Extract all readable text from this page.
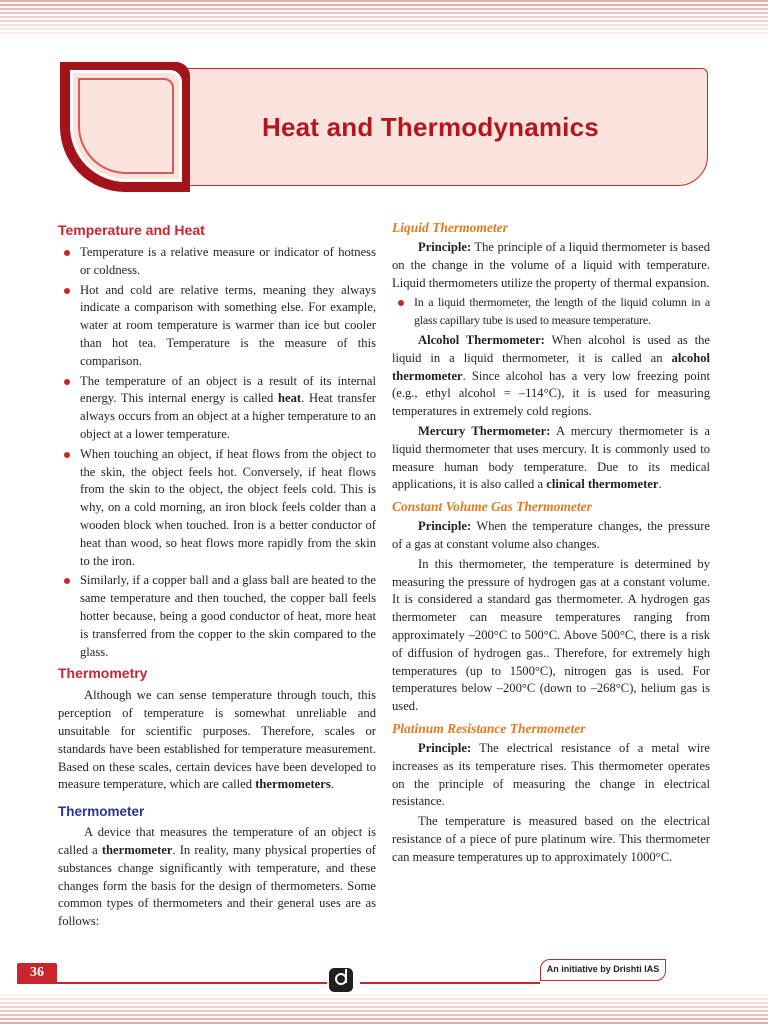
Heat and Thermodynamics
Temperature and Heat
Temperature is a relative measure or indicator of hotness or coldness.
Hot and cold are relative terms, meaning they always indicate a comparison with something else. For example, water at room temperature is warmer than ice but cooler than hot tea. Temperature is the measure of this comparison.
The temperature of an object is a result of its internal energy. This internal energy is called heat. Heat transfer always occurs from an object at a higher temperature to an object at a lower temperature.
When touching an object, if heat flows from the object to the skin, the object feels hot. Conversely, if heat flows from the skin to the object, the object feels cold. This is why, on a cold morning, an iron block feels colder than a wooden block when touched. Iron is a better conductor of heat than wood, so heat flows more rapidly from the skin to the iron.
Similarly, if a copper ball and a glass ball are heated to the same temperature and then touched, the copper ball feels hotter because, being a good conductor of heat, more heat is transferred from the copper to the skin compared to the glass.
Thermometry

Although we can sense temperature through touch, this perception of temperature is somewhat unreliable and unsuitable for scientific purposes. Therefore, scales or standards have been established for temperature measurement. Based on these scales, certain devices have been developed to measure temperature, which are called thermometers.

Thermometer

A device that measures the temperature of an object is called a thermometer. In reality, many physical properties of substances change significantly with temperature, and these changes form the basis for the design of thermometers. Some common types of thermometers and their general uses are as follows:

Liquid Thermometer

Principle: The principle of a liquid thermometer is based on the change in the volume of a liquid with temperature. Liquid thermometers utilize the property of thermal expansion.

In a liquid thermometer, the length of the liquid column in a glass capillary tube is used to measure temperature.

Alcohol Thermometer: When alcohol is used as the liquid in a liquid thermometer, it is called an alcohol thermometer. Since alcohol has a very low freezing point (e.g., ethyl alcohol = –114°C), it is used for measuring temperatures in extremely cold regions.

Mercury Thermometer: A mercury thermometer is a liquid thermometer that uses mercury. It is commonly used to measure human body temperature. Due to its medical applications, it is also called a clinical thermometer.

Constant Volume Gas Thermometer

Principle: When the temperature changes, the pressure of a gas at constant volume also changes.

In this thermometer, the temperature is determined by measuring the pressure of hydrogen gas at a constant volume. It is considered a standard gas thermometer. A hydrogen gas thermometer can measure temperatures ranging from approximately –200°C to 500°C. Above 500°C, there is a risk of diffusion of hydrogen gas.. Therefore, for extremely high temperatures (up to 1500°C), nitrogen gas is used. For temperatures below –200°C (down to –268°C), helium gas is used.

Platinum Resistance Thermometer

Principle: The electrical resistance of a metal wire increases as its temperature rises. This thermometer operates on the principle of measuring the change in electrical resistance.

The temperature is measured based on the electrical resistance of a piece of pure platinum wire. This thermometer can measure temperatures up to approximately 1000°C.

36	An initiative by Drishti IAS
